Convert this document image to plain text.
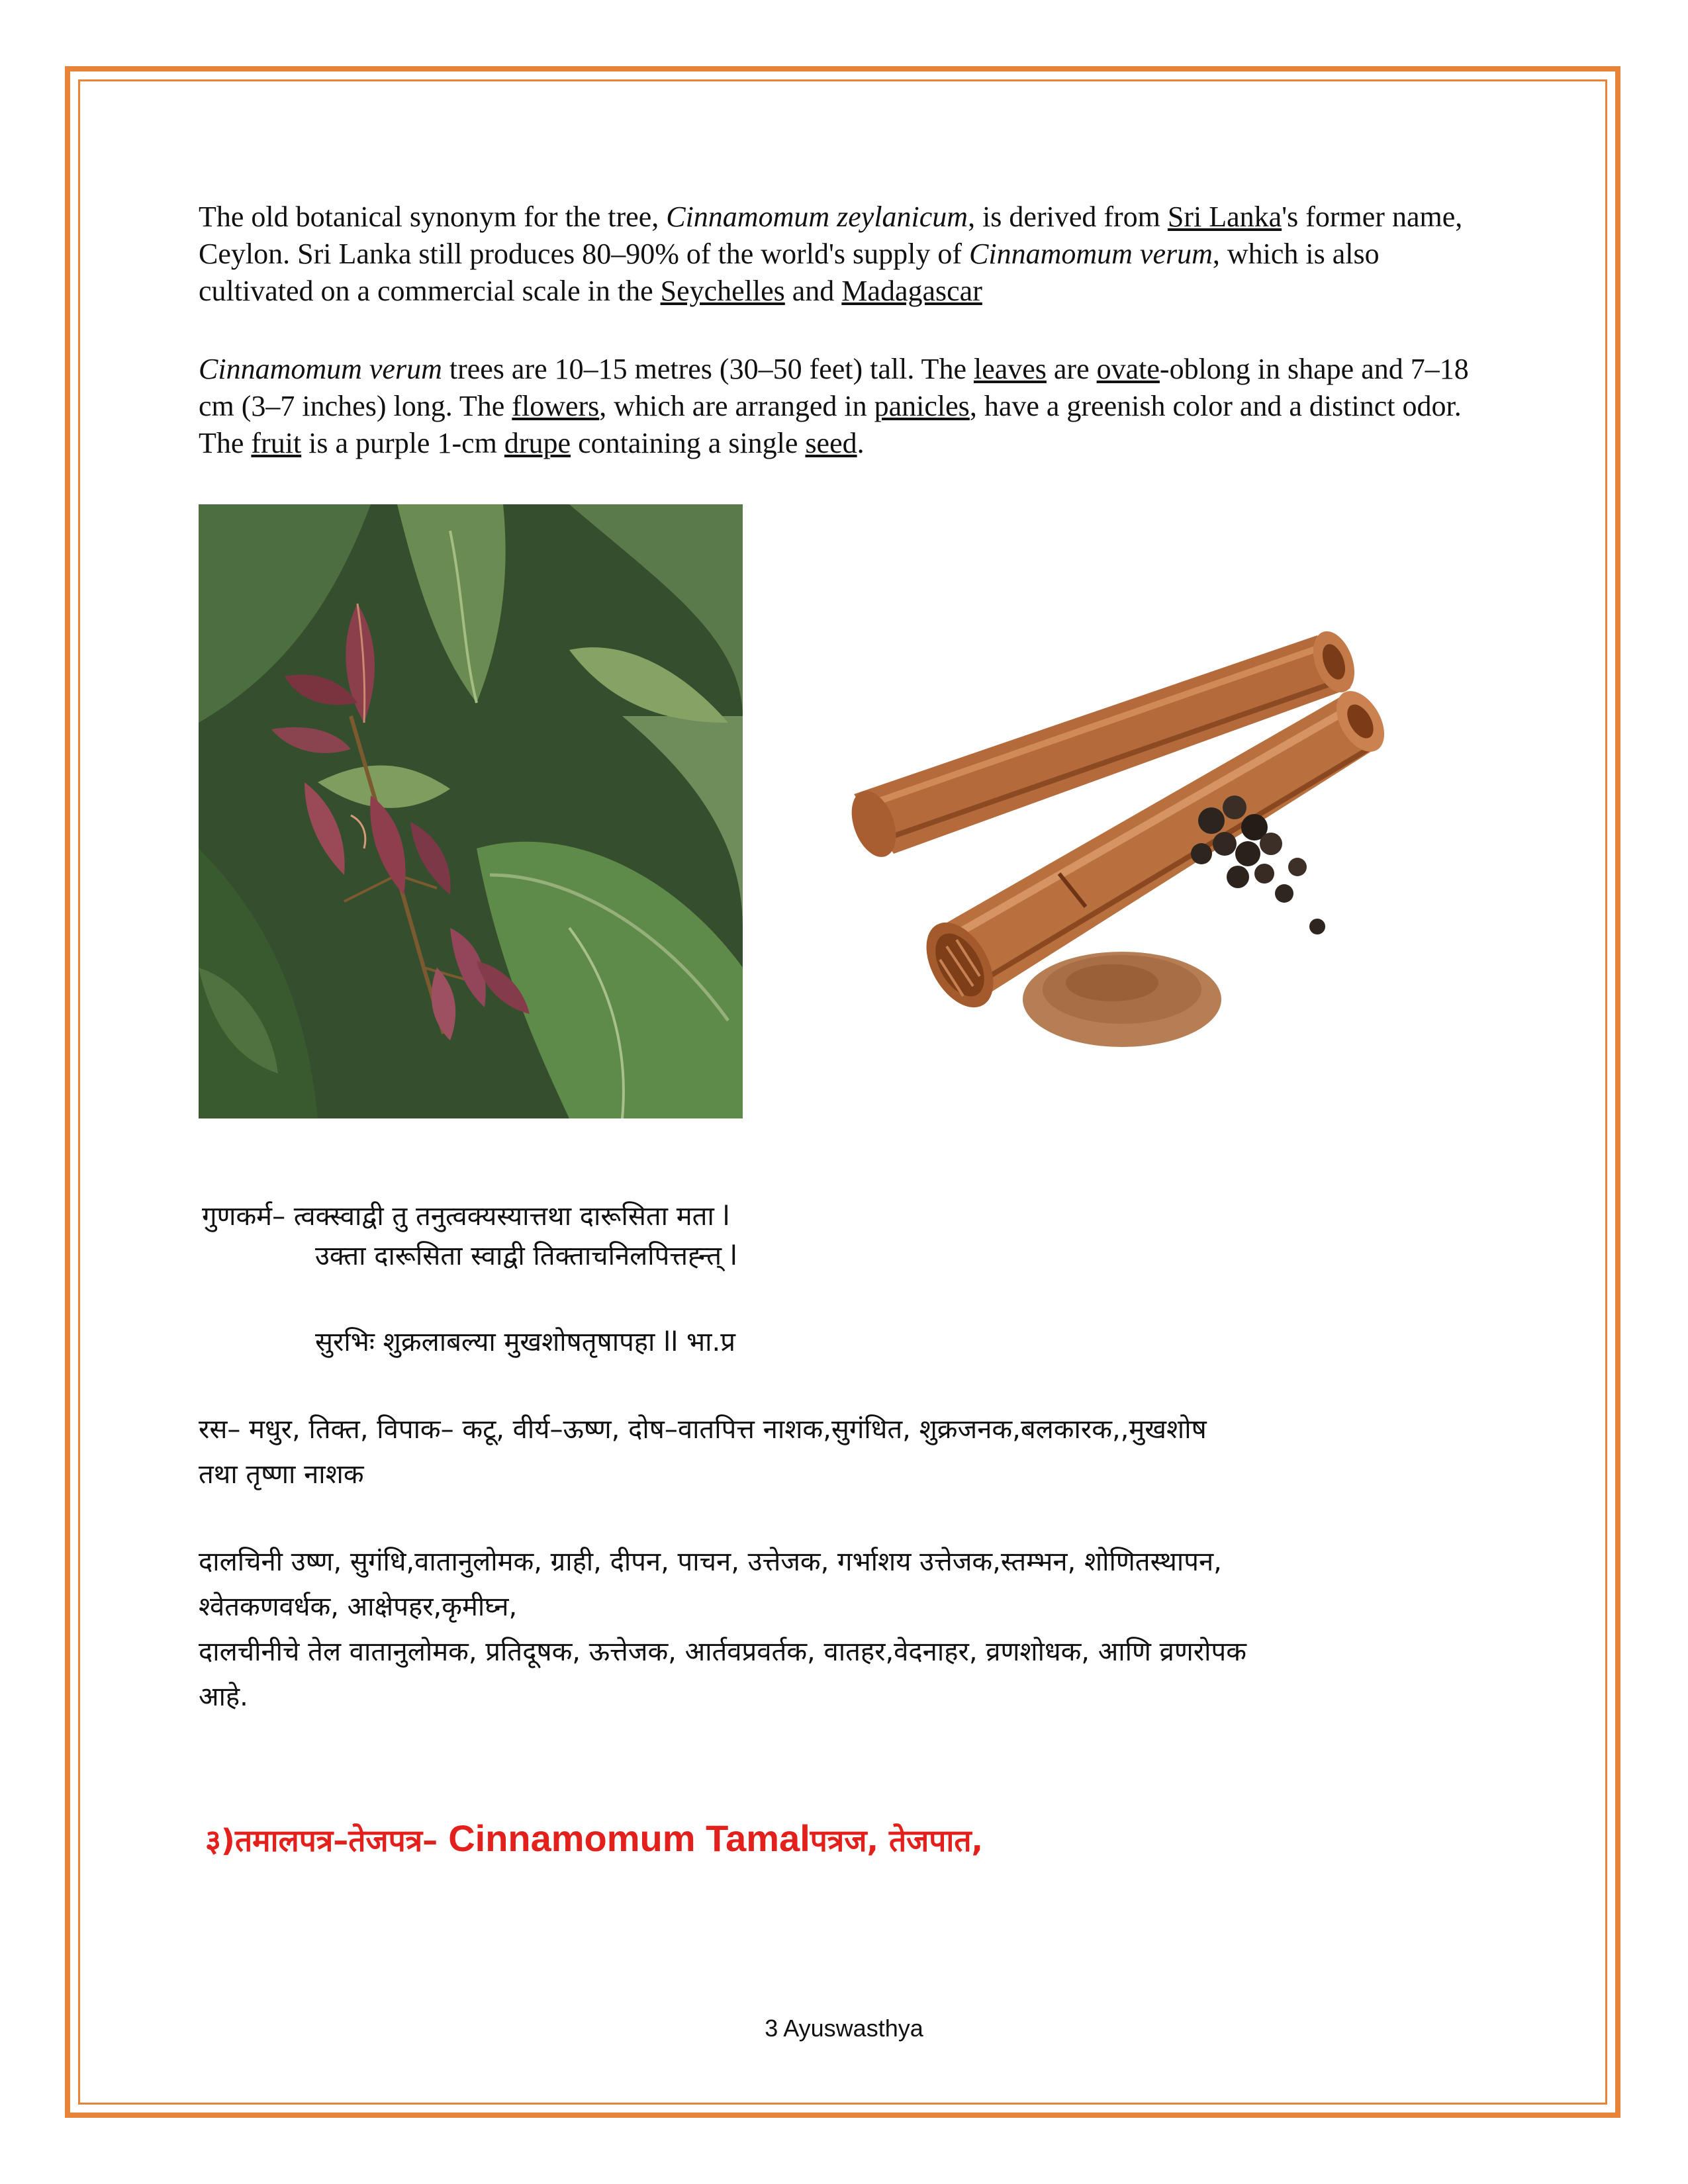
The old botanical synonym for the tree, Cinnamomum zeylanicum, is derived from Sri Lanka's former name, Ceylon. Sri Lanka still produces 80–90% of the world's supply of Cinnamomum verum, which is also cultivated on a commercial scale in the Seychelles and Madagascar
Cinnamomum verum trees are 10–15 metres (30–50 feet) tall. The leaves are ovate-oblong in shape and 7–18 cm (3–7 inches) long. The flowers, which are arranged in panicles, have a greenish color and a distinct odor. The fruit is a purple 1-cm drupe containing a single seed.
गुणकर्म– त्वक्स्वाद्वी तु तनुत्वक्यस्यात्तथा दारूसिता मता l
उक्ता दारूसिता स्वाद्वी तिक्ताचनिलपित्तह्न्त् l
सुरभिः शुक्रलाबल्या मुखशोषतृषापहा ll भा.प्र
रस– मधुर, तिक्त, विपाक– कटू, वीर्य–ऊष्ण, दोष–वातपित्त नाशक,सुगंधित, शुक्रजनक,बलकारक,,मुखशोष
तथा तृष्णा नाशक
दालचिनी उष्ण, सुगंधि,वातानुलोमक, ग्राही, दीपन, पाचन, उत्तेजक, गर्भाशय उत्तेजक,स्तम्भन, शोणितस्थापन,
श्वेतकणवर्धक, आक्षेपहर,कृमीघ्न,
दालचीनीचे तेल वातानुलोमक, प्रतिदूषक, ऊत्तेजक, आर्तवप्रवर्तक, वातहर,वेदनाहर, व्रणशोधक, आणि व्रणरोपक
आहे.
३)तमालपत्र–तेजपत्र– Cinnamomum Tamalपत्रज, तेजपात,
3 Ayuswasthya
